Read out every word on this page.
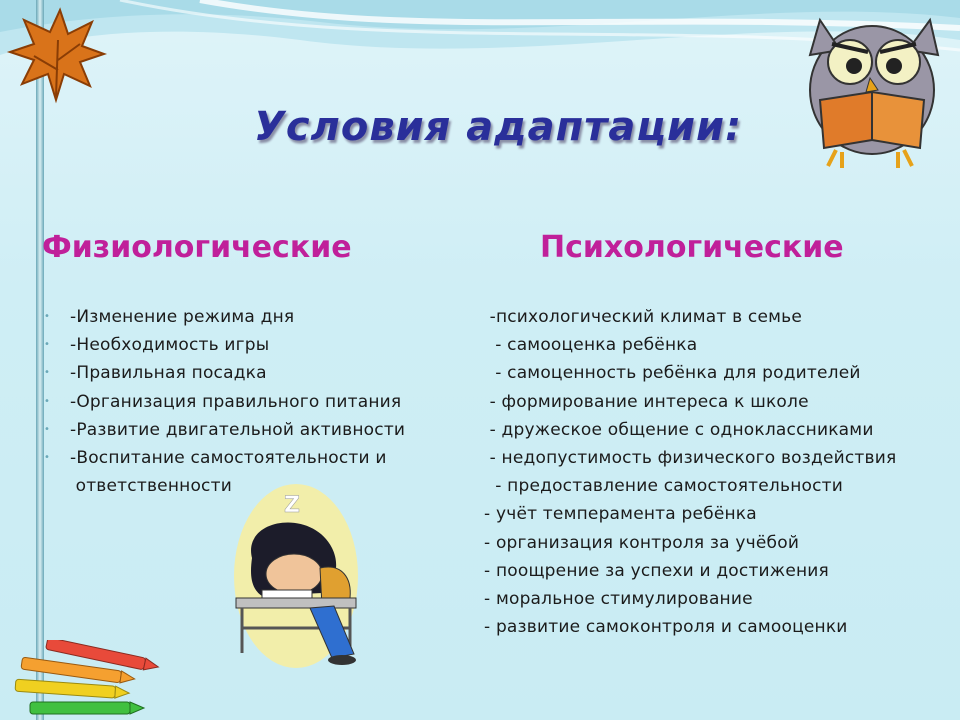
Условия адаптации:
Физиологические	Психологические
• -Изменение режима дня
• -Необходимость игры
• -Правильная посадка
• -Организация правильного питания
• -Развитие двигательной активности
• -Воспитание самостоятельности и
ответственности
-психологический климат в семье
- самооценка ребёнка
- самоценность ребёнка для родителей
- формирование интереса к школе
- дружеское общение с одноклассниками
- недопустимость физического воздействия
- предоставление самостоятельности
- учёт темперамента ребёнка
- организация контроля за учёбой
- поощрение за успехи и достижения
- моральное стимулирование
- развитие самоконтроля и самооценки
Z
